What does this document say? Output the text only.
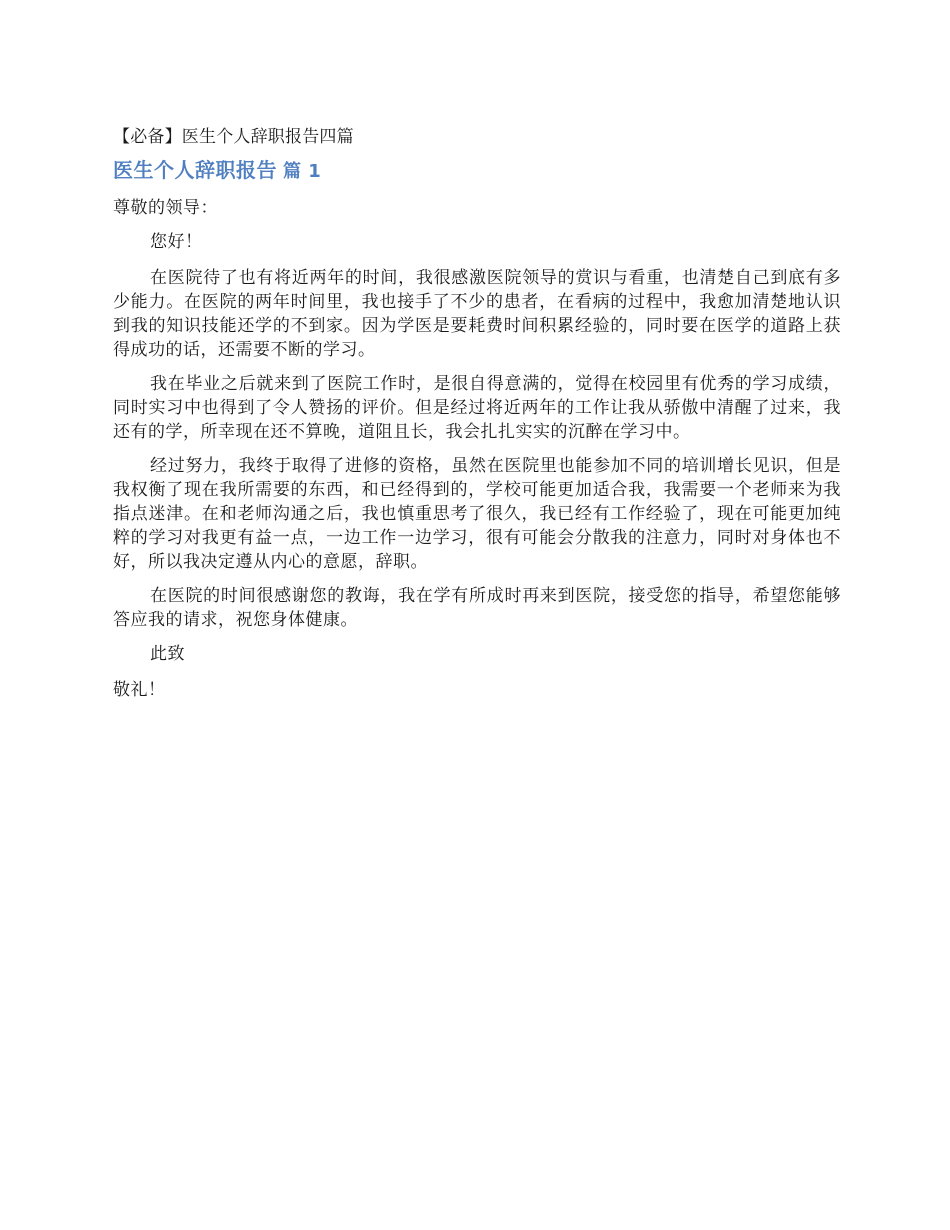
【必备】医生个人辞职报告四篇

医生个人辞职报告 篇 1

尊敬的领导：

您好！

在医院待了也有将近两年的时间，我很感激医院领导的赏识与看重，也清楚自己到底有多少能力。在医院的两年时间里，我也接手了不少的患者，在看病的过程中，我愈加清楚地认识到我的知识技能还学的不到家。因为学医是要耗费时间积累经验的，同时要在医学的道路上获得成功的话，还需要不断的学习。

我在毕业之后就来到了医院工作时，是很自得意满的，觉得在校园里有优秀的学习成绩，同时实习中也得到了令人赞扬的评价。但是经过将近两年的工作让我从骄傲中清醒了过来，我还有的学，所幸现在还不算晚，道阻且长，我会扎扎实实的沉醉在学习中。

经过努力，我终于取得了进修的资格，虽然在医院里也能参加不同的培训增长见识，但是我权衡了现在我所需要的东西，和已经得到的，学校可能更加适合我，我需要一个老师来为我指点迷津。在和老师沟通之后，我也慎重思考了很久，我已经有工作经验了，现在可能更加纯粹的学习对我更有益一点，一边工作一边学习，很有可能会分散我的注意力，同时对身体也不好，所以我决定遵从内心的意愿，辞职。

在医院的时间很感谢您的教诲，我在学有所成时再来到医院，接受您的指导，希望您能够答应我的请求，祝您身体健康。

此致

敬礼！
